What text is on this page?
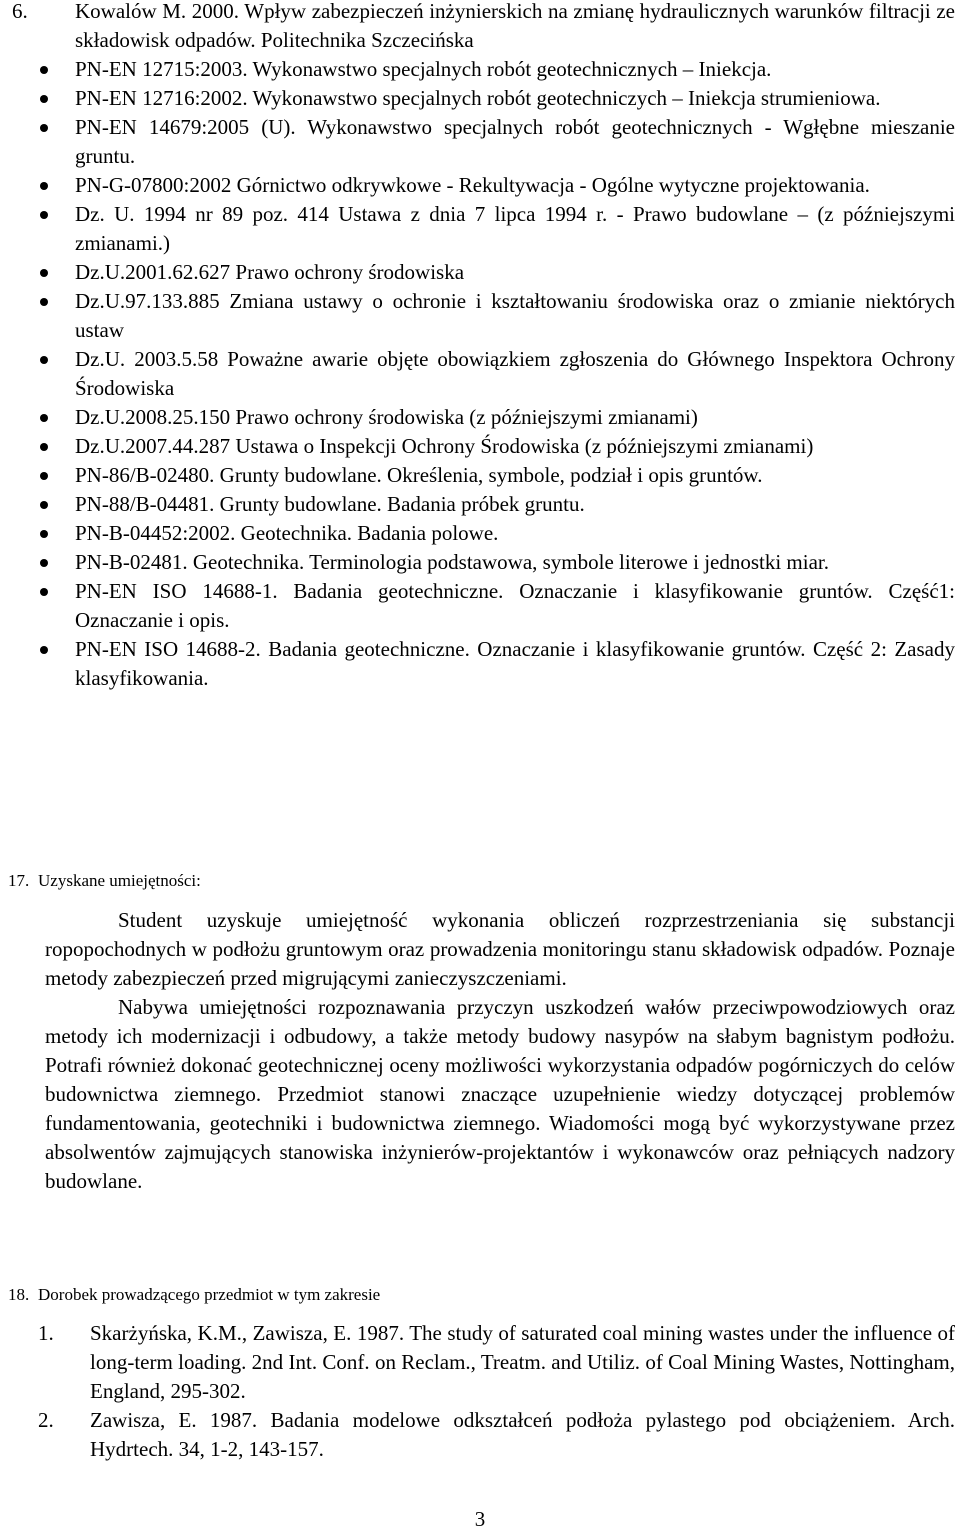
6.	Kowalów M. 2000. Wpływ zabezpieczeń inżynierskich na zmianę hydraulicznych warunków filtracji ze składowisk odpadów. Politechnika Szczecińska
PN-EN 12715:2003. Wykonawstwo specjalnych robót geotechnicznych – Iniekcja.
PN-EN 12716:2002. Wykonawstwo specjalnych robót geotechniczych – Iniekcja strumieniowa.
PN-EN 14679:2005 (U). Wykonawstwo specjalnych robót geotechnicznych - Wgłębne mieszanie gruntu.
PN-G-07800:2002 Górnictwo odkrywkowe - Rekultywacja - Ogólne wytyczne projektowania.
Dz. U. 1994 nr 89 poz. 414 Ustawa z dnia 7 lipca 1994 r. - Prawo budowlane – (z późniejszymi zmianami.)
Dz.U.2001.62.627 Prawo ochrony środowiska
Dz.U.97.133.885 Zmiana ustawy o ochronie i kształtowaniu środowiska oraz o zmianie niektórych ustaw
Dz.U. 2003.5.58 Poważne awarie objęte obowiązkiem zgłoszenia do Głównego Inspektora Ochrony Środowiska
Dz.U.2008.25.150 Prawo ochrony środowiska (z późniejszymi zmianami)
Dz.U.2007.44.287 Ustawa o Inspekcji Ochrony Środowiska (z późniejszymi zmianami)
PN-86/B-02480. Grunty budowlane. Określenia, symbole, podział i opis gruntów.
PN-88/B-04481. Grunty budowlane. Badania próbek gruntu.
PN-B-04452:2002. Geotechnika. Badania polowe.
PN-B-02481. Geotechnika. Terminologia podstawowa, symbole literowe i jednostki miar.
PN-EN ISO 14688-1. Badania geotechniczne. Oznaczanie i klasyfikowanie gruntów. Część1: Oznaczanie i opis.
PN-EN ISO 14688-2. Badania geotechniczne. Oznaczanie i klasyfikowanie gruntów. Część 2: Zasady klasyfikowania.
17. Uzyskane umiejętności:

Student uzyskuje umiejętność wykonania obliczeń rozprzestrzeniania się substancji ropopochodnych w podłożu gruntowym oraz prowadzenia monitoringu stanu składowisk odpadów. Poznaje metody zabezpieczeń przed migrującymi zanieczyszczeniami.

Nabywa umiejętności rozpoznawania przyczyn uszkodzeń wałów przeciwpowodziowych oraz metody ich modernizacji i odbudowy, a także metody budowy nasypów na słabym bagnistym podłożu. Potrafi również dokonać geotechnicznej oceny możliwości wykorzystania odpadów pogórniczych do celów budownictwa ziemnego. Przedmiot stanowi znaczące uzupełnienie wiedzy dotyczącej problemów fundamentowania, geotechniki i budownictwa ziemnego. Wiadomości mogą być wykorzystywane przez absolwentów zajmujących stanowiska inżynierów-projektantów i wykonawców oraz pełniących nadzory budowlane.

18. Dorobek prowadzącego przedmiot w tym zakresie
1.	Skarżyńska, K.M., Zawisza, E. 1987. The study of saturated coal mining wastes under the influence of long-term loading. 2nd Int. Conf. on Reclam., Treatm. and Utiliz. of Coal Mining Wastes, Nottingham, England, 295-302.
2.	Zawisza, E. 1987. Badania modelowe odkształceń podłoża pylastego pod obciążeniem. Arch. Hydrtech. 34, 1-2, 143-157.
3
